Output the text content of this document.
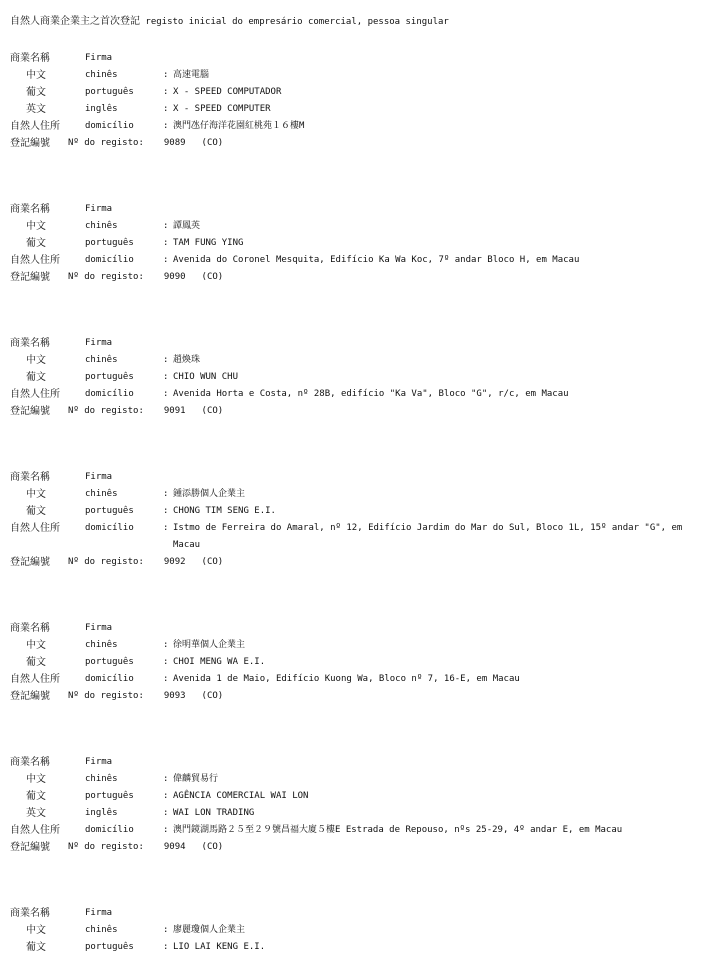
自然人商業企業主之首次登記 registo inicial do empresário comercial, pessoa singular
商業名稱	Firma
中文	chinês	: 高速電腦
葡文	português	: X - SPEED COMPUTADOR
英文	inglês	: X - SPEED COMPUTER
自然人住所	domicílio	: 澳門氹仔海洋花園紅桃苑１６樓M
登記編號	Nº do registo:	9089	(CO)
商業名稱	Firma
中文	chinês	: 譚鳳英
葡文	português	: TAM FUNG YING
自然人住所	domicílio	: Avenida do Coronel Mesquita, Edifício Ka Wa Koc, 7º andar Bloco H, em Macau
登記編號	Nº do registo:	9090	(CO)
商業名稱	Firma
中文	chinês	: 趙煥珠
葡文	português	: CHIO WUN CHU
自然人住所	domicílio	: Avenida Horta e Costa, nº 28B, edifício "Ka Va", Bloco "G", r/c, em Macau
登記編號	Nº do registo:	9091	(CO)
商業名稱	Firma
中文	chinês	: 鍾添勝個人企業主
葡文	português	: CHONG TIM SENG E.I.
自然人住所	domicílio	: Istmo de Ferreira do Amaral, nº 12, Edifício Jardim do Mar do Sul, Bloco 1L, 15º andar "G", em Macau
登記編號	Nº do registo:	9092	(CO)
商業名稱	Firma
中文	chinês	: 徐明華個人企業主
葡文	português	: CHOI MENG WA E.I.
自然人住所	domicílio	: Avenida 1 de Maio, Edifício Kuong Wa, Bloco nº 7, 16-E, em Macau
登記編號	Nº do registo:	9093	(CO)
商業名稱	Firma
中文	chinês	: 偉麟貿易行
葡文	português	: AGÊNCIA COMERCIAL WAI LON
英文	inglês	: WAI LON TRADING
自然人住所	domicílio	: 澳門鏡湖馬路２５至２９號昌福大廈５樓E Estrada de Repouso, nºs 25-29, 4º andar E, em Macau
登記編號	Nº do registo:	9094	(CO)
商業名稱	Firma
中文	chinês	: 廖麗瓊個人企業主
葡文	português	: LIO LAI KENG E.I.
